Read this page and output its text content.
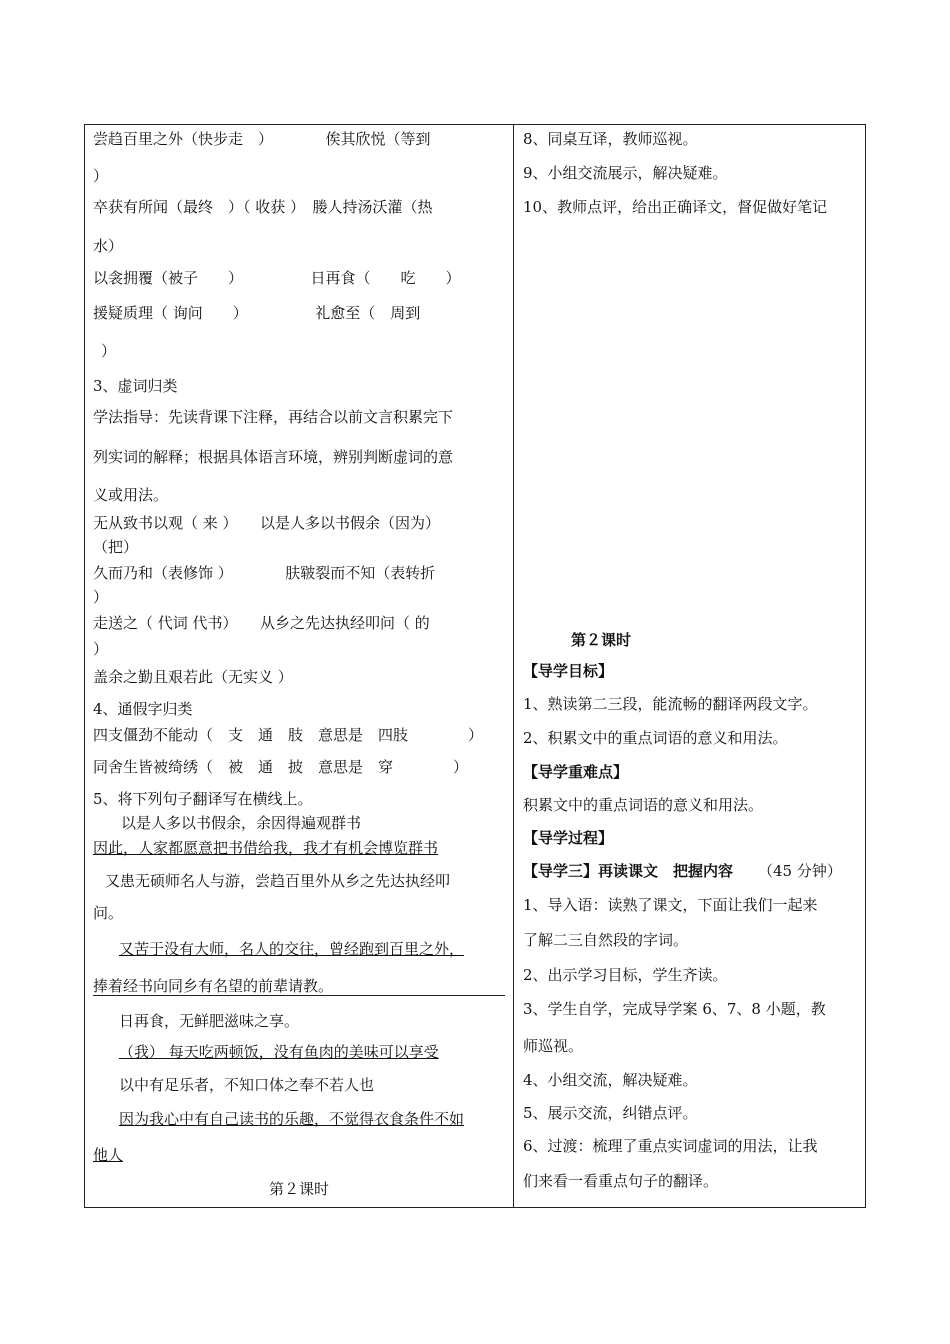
尝趋百里之外（快步走　）　　　　俟其欣悦（等到
）
卒获有所闻（最终　）（ 收获 ）　媵人持汤沃灌（热
水）
以衾拥覆（被子　　）　　　　　日再食（　　吃　　）
援疑质理（ 询问　　）　　　　　礼愈至（　周到
）
3、虚词归类
学法指导：先读背课下注释，再结合以前文言积累完下
列实词的解释；根据具体语言环境，辨别判断虚词的意
义或用法。
无从致书以观（ 来 ）　　以是人多以书假余（因为）
（把）
久而乃和（表修饰 ）　　　　肤皲裂而不知（表转折
）
走送之（ 代词 代书）　　从乡之先达执经叩问（ 的
）
盖余之勤且艰若此（无实义 ）
4、通假字归类
四支僵劲不能动（　支　通　肢　意思是　四肢　　　　）
同舍生皆被绮绣（　被　通　披　意思是　穿　　　　）
5、将下列句子翻译写在横线上。
以是人多以书假余，余因得遍观群书
因此，人家都愿意把书借给我，我才有机会博览群书
又患无硕师名人与游，尝趋百里外从乡之先达执经叩
问。
又苦于没有大师，名人的交往，曾经跑到百里之外，
捧着经书向同乡有名望的前辈请教。
日再食，无鲜肥滋味之享。
（我） 每天吃两顿饭，没有鱼肉的美味可以享受
以中有足乐者，不知口体之奉不若人也
因为我心中有自己读书的乐趣，不觉得衣食条件不如
他人
第２课时
8、同桌互译，教师巡视。
9、小组交流展示，解决疑难。
10、教师点评，给出正确译文，督促做好笔记
第２课时
【导学目标】
1、熟读第二三段，能流畅的翻译两段文字。
2、积累文中的重点词语的意义和用法。
【导学重难点】
积累文中的重点词语的意义和用法。
【导学过程】
【导学三】再读课文　把握内容 （45 分钟）
1、导入语：读熟了课文，下面让我们一起来
了解二三自然段的字词。
2、出示学习目标，学生齐读。
3、学生自学，完成导学案 6、7、8 小题，教
师巡视。
4、小组交流，解决疑难。
5、展示交流，纠错点评。
6、过渡：梳理了重点实词虚词的用法，让我
们来看一看重点句子的翻译。
